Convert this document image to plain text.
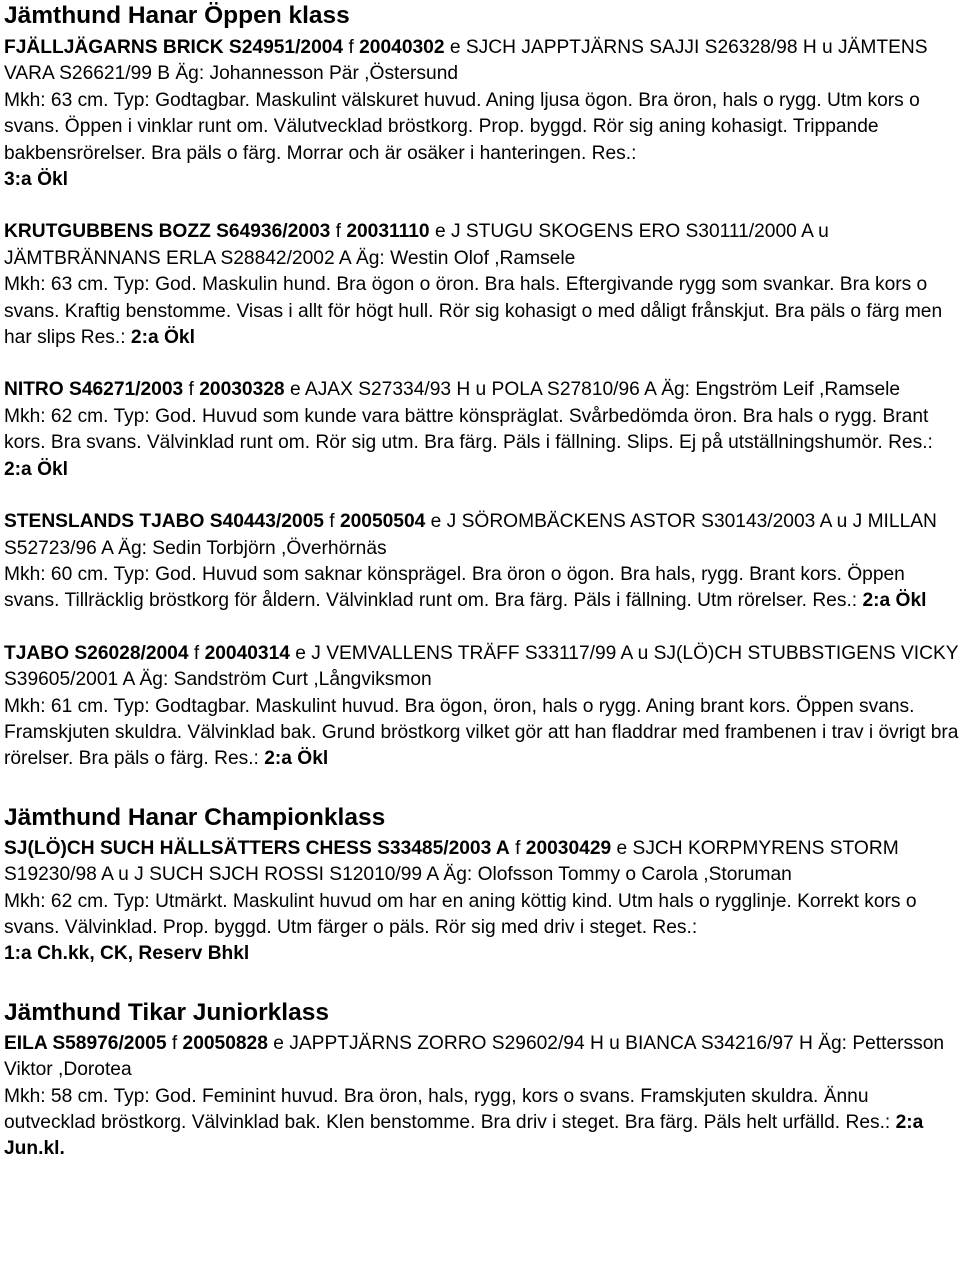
Jämthund Hanar Öppen klass

FJÄLLJÄGARNS BRICK S24951/2004 f 20040302 e SJCH JAPPTJÄRNS SAJJI S26328/98 H u JÄMTENS VARA S26621/99 B Äg: Johannesson Pär ,Östersund
Mkh: 63 cm. Typ: Godtagbar. Maskulint välskuret huvud. Aning ljusa ögon. Bra öron, hals o rygg. Utm kors o svans. Öppen i vinklar runt om. Välutvecklad bröstkorg. Prop. byggd. Rör sig aning kohasigt. Trippande bakbensrörelser. Bra päls o färg. Morrar och är osäker i hanteringen. Res.:
3:a Ökl

KRUTGUBBENS BOZZ S64936/2003 f 20031110 e J STUGU SKOGENS ERO S30111/2000 A u JÄMTBRÄNNANS ERLA S28842/2002 A Äg: Westin Olof ,Ramsele
Mkh: 63 cm. Typ: God. Maskulin hund. Bra ögon o öron. Bra hals. Eftergivande rygg som svankar. Bra kors o svans. Kraftig benstomme. Visas i allt för högt hull. Rör sig kohasigt o med dåligt frånskjut. Bra päls o färg men har slips Res.: 2:a Ökl

NITRO S46271/2003 f 20030328 e AJAX S27334/93 H u POLA S27810/96 A Äg: Engström Leif ,Ramsele
Mkh: 62 cm. Typ: God. Huvud som kunde vara bättre könspräglat. Svårbedömda öron. Bra hals o rygg. Brant kors. Bra svans. Välvinklad runt om. Rör sig utm. Bra färg. Päls i fällning. Slips. Ej på utställningshumör. Res.: 2:a Ökl

STENSLANDS TJABO S40443/2005 f 20050504 e J SÖROMBÄCKENS ASTOR S30143/2003 A u J MILLAN S52723/96 A Äg: Sedin Torbjörn ,Överhörnäs
Mkh: 60 cm. Typ: God. Huvud som saknar könsprägel. Bra öron o ögon. Bra hals, rygg. Brant kors. Öppen svans. Tillräcklig bröstkorg för åldern. Välvinklad runt om. Bra färg. Päls i fällning. Utm rörelser. Res.: 2:a Ökl

TJABO S26028/2004 f 20040314 e J VEMVALLENS TRÄFF S33117/99 A u SJ(LÖ)CH STUBBSTIGENS VICKY S39605/2001 A Äg: Sandström Curt ,Långviksmon
Mkh: 61 cm. Typ: Godtagbar. Maskulint huvud. Bra ögon, öron, hals o rygg. Aning brant kors. Öppen svans. Framskjuten skuldra. Välvinklad bak. Grund bröstkorg vilket gör att han fladdrar med frambenen i trav i övrigt bra rörelser. Bra päls o färg. Res.: 2:a Ökl

Jämthund Hanar Championklass

SJ(LÖ)CH SUCH HÄLLSÄTTERS CHESS S33485/2003 A f 20030429 e SJCH KORPMYRENS STORM S19230/98 A u J SUCH SJCH ROSSI S12010/99 A Äg: Olofsson Tommy o Carola ,Storuman
Mkh: 62 cm. Typ: Utmärkt. Maskulint huvud om har en aning köttig kind. Utm hals o rygglinje. Korrekt kors o svans. Välvinklad. Prop. byggd. Utm färger o päls. Rör sig med driv i steget. Res.:
1:a Ch.kk, CK, Reserv Bhkl

Jämthund Tikar Juniorklass

EILA S58976/2005 f 20050828 e JAPPTJÄRNS ZORRO S29602/94 H u BIANCA S34216/97 H Äg: Pettersson Viktor ,Dorotea
Mkh: 58 cm. Typ: God. Feminint huvud. Bra öron, hals, rygg, kors o svans. Framskjuten skuldra. Ännu outvecklad bröstkorg. Välvinklad bak. Klen benstomme. Bra driv i steget. Bra färg. Päls helt urfälld. Res.: 2:a Jun.kl.
